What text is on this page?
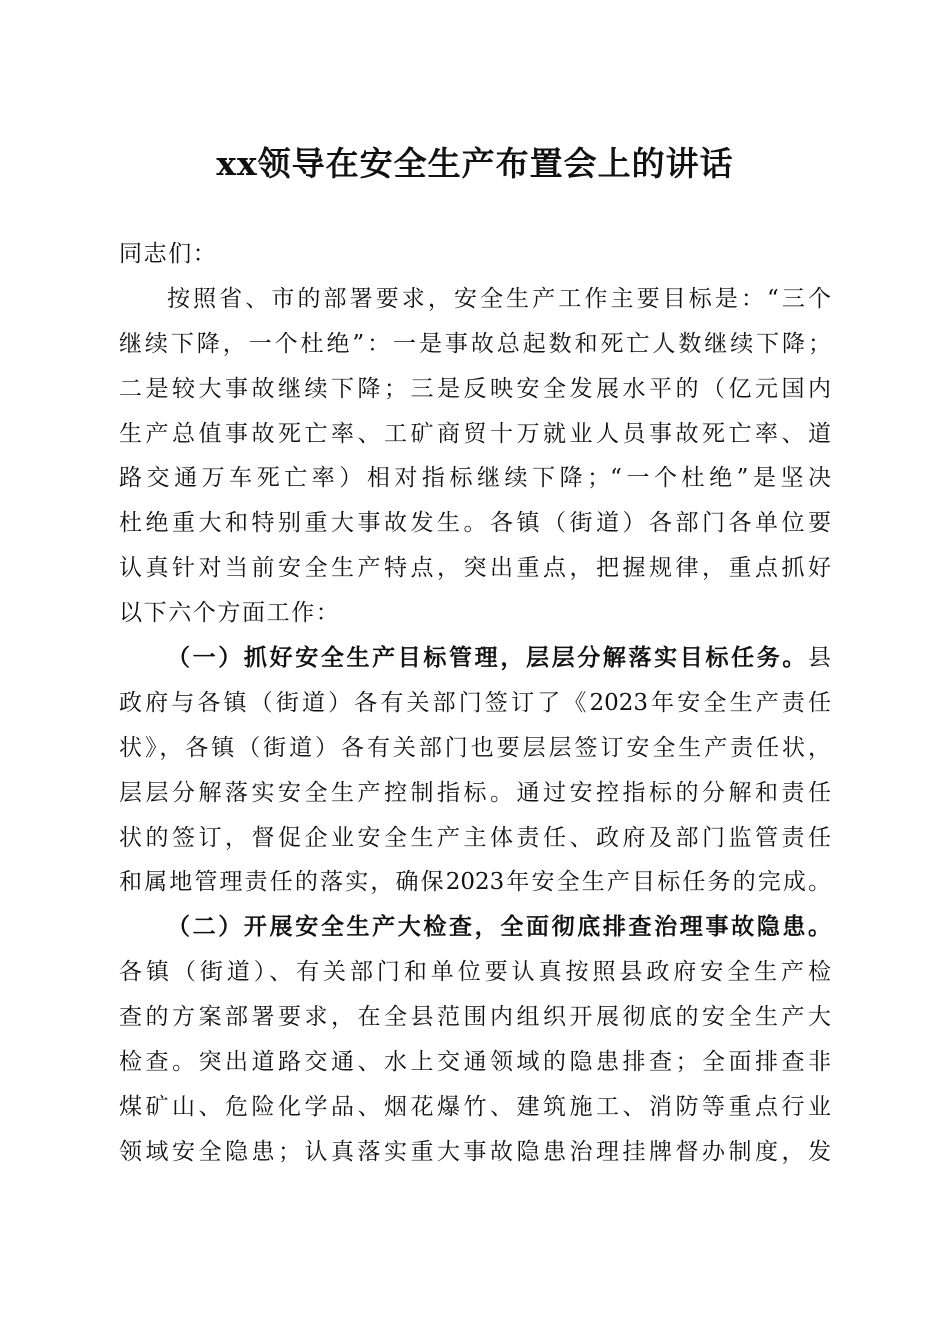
xx领导在安全生产布置会上的讲话
同志们：
按照省、市的部署要求，安全生产工作主要目标是：“三个
继续下降，一个杜绝”：一是事故总起数和死亡人数继续下降；
二是较大事故继续下降；三是反映安全发展水平的（亿元国内
生产总值事故死亡率、工矿商贸十万就业人员事故死亡率、道
路交通万车死亡率）相对指标继续下降；“一个杜绝”是坚决
杜绝重大和特别重大事故发生。各镇（街道）各部门各单位要
认真针对当前安全生产特点，突出重点，把握规律，重点抓好
以下六个方面工作：
（一）抓好安全生产目标管理，层层分解落实目标任务。县
政府与各镇（街道）各有关部门签订了《2023年安全生产责任
状》，各镇（街道）各有关部门也要层层签订安全生产责任状，
层层分解落实安全生产控制指标。通过安控指标的分解和责任
状的签订，督促企业安全生产主体责任、政府及部门监管责任
和属地管理责任的落实，确保2023年安全生产目标任务的完成。
（二）开展安全生产大检查，全面彻底排查治理事故隐患。
各镇（街道）、有关部门和单位要认真按照县政府安全生产检
查的方案部署要求，在全县范围内组织开展彻底的安全生产大
检查。突出道路交通、水上交通领域的隐患排查；全面排查非
煤矿山、危险化学品、烟花爆竹、建筑施工、消防等重点行业
领域安全隐患；认真落实重大事故隐患治理挂牌督办制度，发
